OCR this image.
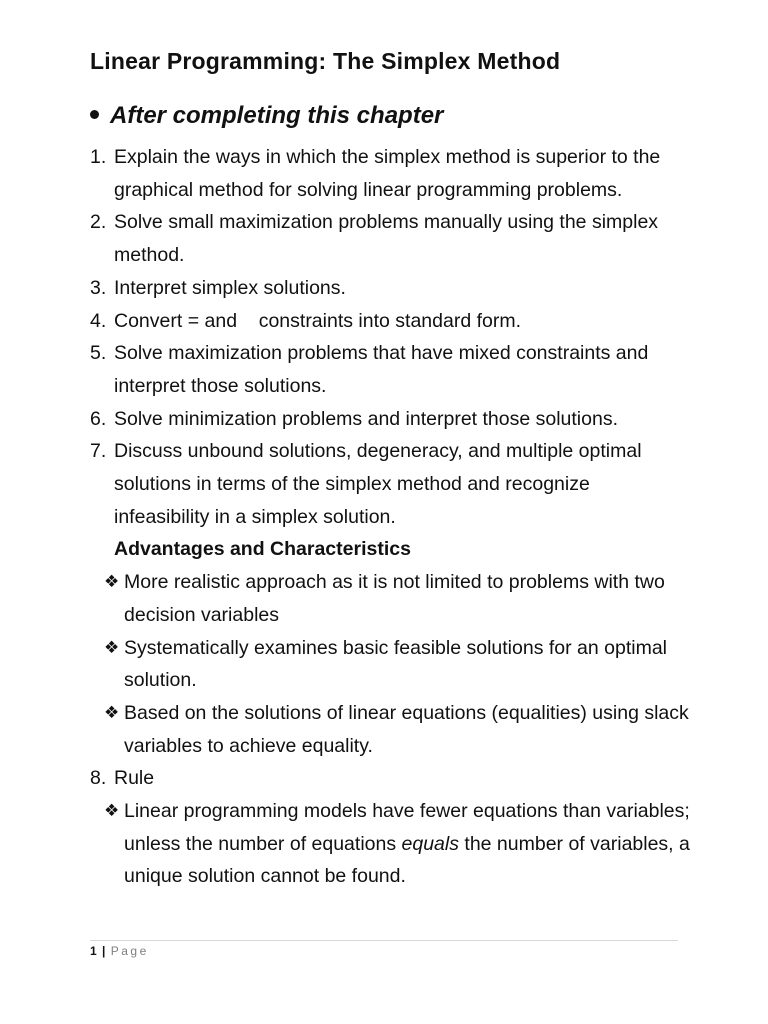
Linear Programming: The Simplex Method
After completing this chapter
1. Explain the ways in which the simplex method is superior to the graphical method for solving linear programming problems.
2. Solve small maximization problems manually using the simplex method.
3. Interpret simplex solutions.
4. Convert = and    constraints into standard form.
5. Solve maximization problems that have mixed constraints and interpret those solutions.
6. Solve minimization problems and interpret those solutions.
7. Discuss unbound solutions, degeneracy, and multiple optimal solutions in terms of the simplex method and recognize infeasibility in a simplex solution.
Advantages and Characteristics
❖ More realistic approach as it is not limited to problems with two decision variables
❖ Systematically examines basic feasible solutions for an optimal solution.
❖ Based on the solutions of linear equations (equalities) using slack variables to achieve equality.
8. Rule
❖ Linear programming models have fewer equations than variables; unless the number of equations equals the number of variables, a unique solution cannot be found.
1 | Page
